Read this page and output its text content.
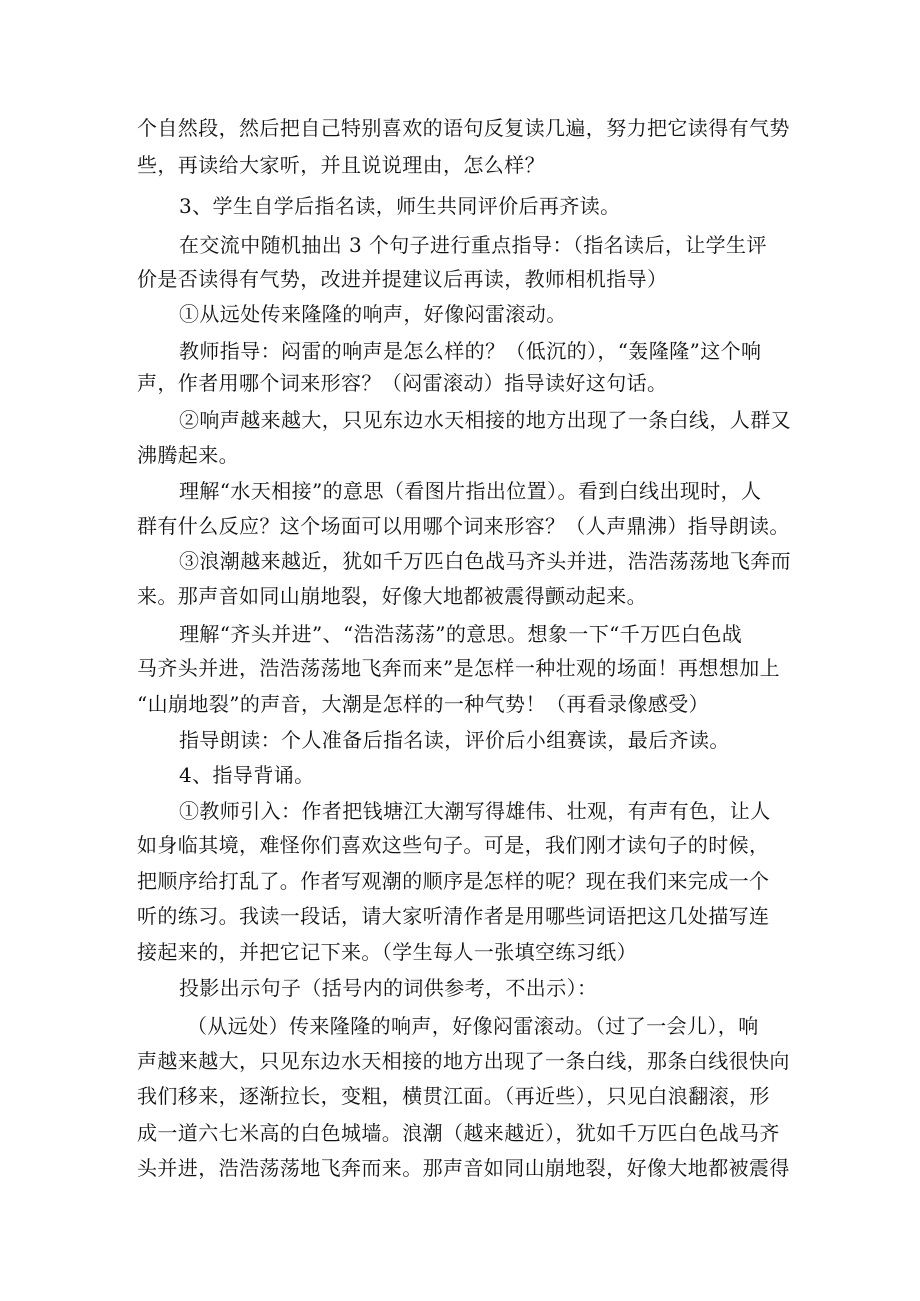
个自然段，然后把自己特别喜欢的语句反复读几遍，努力把它读得有气势
些，再读给大家听，并且说说理由，怎么样？
3、学生自学后指名读，师生共同评价后再齐读。
在交流中随机抽出 3 个句子进行重点指导：（指名读后，让学生评
价是否读得有气势，改进并提建议后再读，教师相机指导）
①从远处传来隆隆的响声，好像闷雷滚动。
教师指导：闷雷的响声是怎么样的？（低沉的），“轰隆隆”这个响
声，作者用哪个词来形容？（闷雷滚动）指导读好这句话。
②响声越来越大，只见东边水天相接的地方出现了一条白线，人群又
沸腾起来。
理解“水天相接”的意思（看图片指出位置）。看到白线出现时，人
群有什么反应？这个场面可以用哪个词来形容？（人声鼎沸）指导朗读。
③浪潮越来越近，犹如千万匹白色战马齐头并进，浩浩荡荡地飞奔而
来。那声音如同山崩地裂，好像大地都被震得颤动起来。
理解“齐头并进”、“浩浩荡荡”的意思。想象一下“千万匹白色战
马齐头并进，浩浩荡荡地飞奔而来”是怎样一种壮观的场面！再想想加上
“山崩地裂”的声音，大潮是怎样的一种气势！（再看录像感受）
指导朗读：个人准备后指名读，评价后小组赛读，最后齐读。
4、指导背诵。
①教师引入：作者把钱塘江大潮写得雄伟、壮观，有声有色，让人
如身临其境，难怪你们喜欢这些句子。可是，我们刚才读句子的时候，
把顺序给打乱了。作者写观潮的顺序是怎样的呢？现在我们来完成一个
听的练习。我读一段话，请大家听清作者是用哪些词语把这几处描写连
接起来的，并把它记下来。（学生每人一张填空练习纸）
投影出示句子（括号内的词供参考，不出示）：
（从远处）传来隆隆的响声，好像闷雷滚动。（过了一会儿），响
声越来越大，只见东边水天相接的地方出现了一条白线，那条白线很快向
我们移来，逐渐拉长，变粗，横贯江面。（再近些），只见白浪翻滚，形
成一道六七米高的白色城墙。浪潮（越来越近），犹如千万匹白色战马齐
头并进，浩浩荡荡地飞奔而来。那声音如同山崩地裂，好像大地都被震得
